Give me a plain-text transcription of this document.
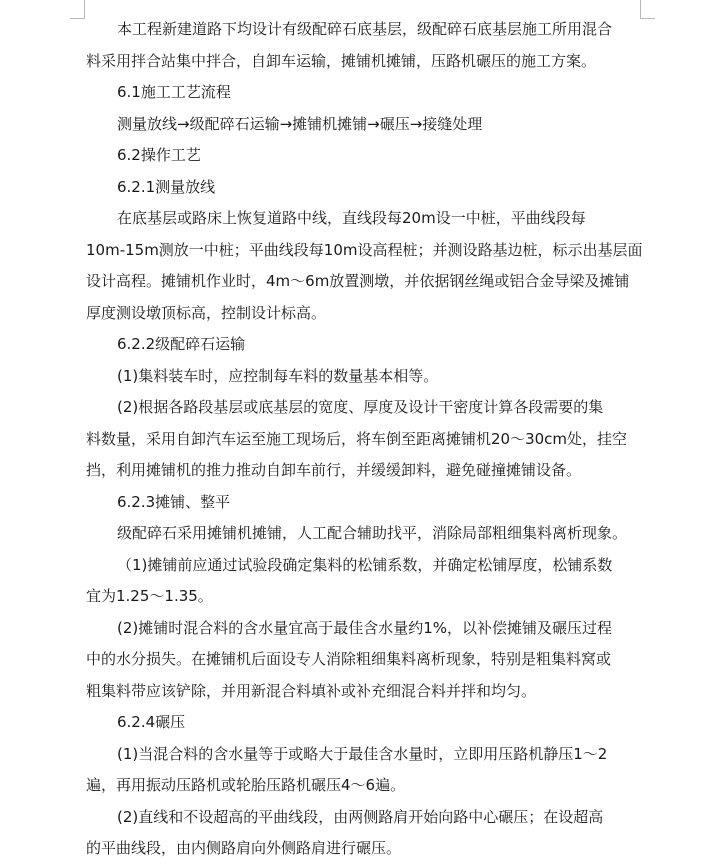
本工程新建道路下均设计有级配碎石底基层，级配碎石底基层施工所用混合
料采用拌合站集中拌合，自卸车运输，摊铺机摊铺，压路机碾压的施工方案。
6.1施工工艺流程
测量放线→级配碎石运输→摊铺机摊铺→碾压→接缝处理
6.2操作工艺
6.2.1测量放线
在底基层或路床上恢复道路中线，直线段每20m设一中桩，平曲线段每
10m-15m测放一中桩；平曲线段每10m设高程桩；并测设路基边桩，标示出基层面
设计高程。摊铺机作业时，4m～6m放置测墩，并依据钢丝绳或铝合金导梁及摊铺
厚度测设墩顶标高，控制设计标高。
6.2.2级配碎石运输
(1)集料装车时，应控制每车料的数量基本相等。
(2)根据各路段基层或底基层的宽度、厚度及设计干密度计算各段需要的集
料数量，采用自卸汽车运至施工现场后，将车倒至距离摊铺机20～30cm处，挂空
挡，利用摊铺机的推力推动自卸车前行，并缓缓卸料，避免碰撞摊铺设备。
6.2.3摊铺、整平
级配碎石采用摊铺机摊铺，人工配合辅助找平，消除局部粗细集料离析现象。
（1)摊铺前应通过试验段确定集料的松铺系数，并确定松铺厚度，松铺系数
宜为1.25～1.35。
(2)摊铺时混合料的含水量宜高于最佳含水量约1%，以补偿摊铺及碾压过程
中的水分损失。在摊铺机后面设专人消除粗细集料离析现象，特别是粗集料窝或
粗集料带应该铲除，并用新混合料填补或补充细混合料并拌和均匀。
6.2.4碾压
(1)当混合料的含水量等于或略大于最佳含水量时，立即用压路机静压1～2
遍，再用振动压路机或轮胎压路机碾压4～6遍。
(2)直线和不设超高的平曲线段，由两侧路肩开始向路中心碾压；在设超高
的平曲线段，由内侧路肩向外侧路肩进行碾压。
